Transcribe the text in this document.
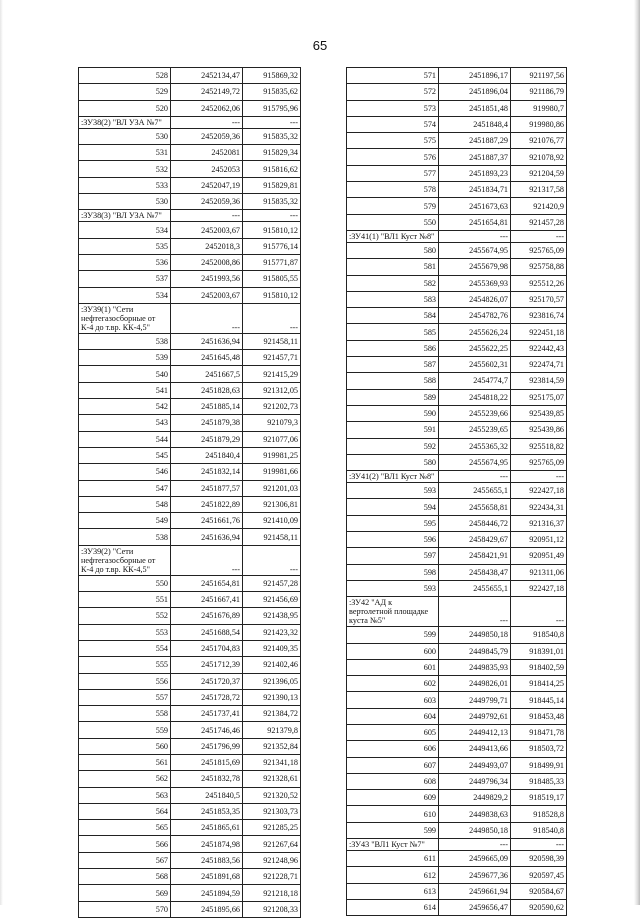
65
528	2452134,47	915869,32
529	2452149,72	915835,62
520	2452062,06	915795,96
:ЗУ38(2) "ВЛ УЗА №7"	---	---
530	2452059,36	915835,32
531	2452081	915829,34
532	2452053	915816,62
533	2452047,19	915829,81
530	2452059,36	915835,32
:ЗУ38(3) "ВЛ УЗА №7"	---	---
534	2452003,67	915810,12
535	2452018,3	915776,14
536	2452008,86	915771,87
537	2451993,56	915805,55
534	2452003,67	915810,12
:ЗУ39(1) "Сети нефтегазосборные от К-4 до т.вр. КК-4,5"	---	---
538	2451636,94	921458,11
539	2451645,48	921457,71
540	2451667,5	921415,29
541	2451828,63	921312,05
542	2451885,14	921202,73
543	2451879,38	921079,3
544	2451879,29	921077,06
545	2451840,4	919981,25
546	2451832,14	919981,66
547	2451877,57	921201,03
548	2451822,89	921306,81
549	2451661,76	921410,09
538	2451636,94	921458,11
:ЗУ39(2) "Сети нефтегазосборные от К-4 до т.вр. КК-4,5"	---	---
550	2451654,81	921457,28
551	2451667,41	921456,69
552	2451676,89	921438,95
553	2451688,54	921423,32
554	2451704,83	921409,35
555	2451712,39	921402,46
556	2451720,37	921396,05
557	2451728,72	921390,13
558	2451737,41	921384,72
559	2451746,46	921379,8
560	2451796,99	921352,84
561	2451815,69	921341,18
562	2451832,78	921328,61
563	2451840,5	921320,52
564	2451853,35	921303,73
565	2451865,61	921285,25
566	2451874,98	921267,64
567	2451883,56	921248,96
568	2451891,68	921228,71
569	2451894,59	921218,18
570	2451895,66	921208,33
571	2451896,17	921197,56
572	2451896,04	921186,79
573	2451851,48	919980,7
574	2451848,4	919980,86
575	2451887,29	921076,77
576	2451887,37	921078,92
577	2451893,23	921204,59
578	2451834,71	921317,58
579	2451673,63	921420,9
550	2451654,81	921457,28
:ЗУ41(1) "ВЛ1 Куст №8"	---	---
580	2455674,95	925765,09
581	2455679,98	925758,88
582	2455369,93	925512,26
583	2454826,07	925170,57
584	2454782,76	923816,74
585	2455626,24	922451,18
586	2455622,25	922442,43
587	2455602,31	922474,71
588	2454774,7	923814,59
589	2454818,22	925175,07
590	2455239,66	925439,85
591	2455239,65	925439,86
592	2455365,32	925518,82
580	2455674,95	925765,09
:ЗУ41(2) "ВЛ1 Куст №8"	---	---
593	2455655,1	922427,18
594	2455658,81	922434,31
595	2458446,72	921316,37
596	2458429,67	920951,12
597	2458421,91	920951,49
598	2458438,47	921311,06
593	2455655,1	922427,18
:ЗУ42 "АД к вертолетной площадке куста №5"	---	---
599	2449850,18	918540,8
600	2449845,79	918391,01
601	2449835,93	918402,59
602	2449826,01	918414,25
603	2449799,71	918445,14
604	2449792,61	918453,48
605	2449412,13	918471,78
606	2449413,66	918503,72
607	2449493,07	918499,91
608	2449796,34	918485,33
609	2449829,2	918519,17
610	2449838,63	918528,8
599	2449850,18	918540,8
:ЗУ43 "ВЛ1 Куст №7"	---	---
611	2459665,09	920598,39
612	2459677,36	920597,45
613	2459661,94	920584,67
614	2459656,47	920590,62
